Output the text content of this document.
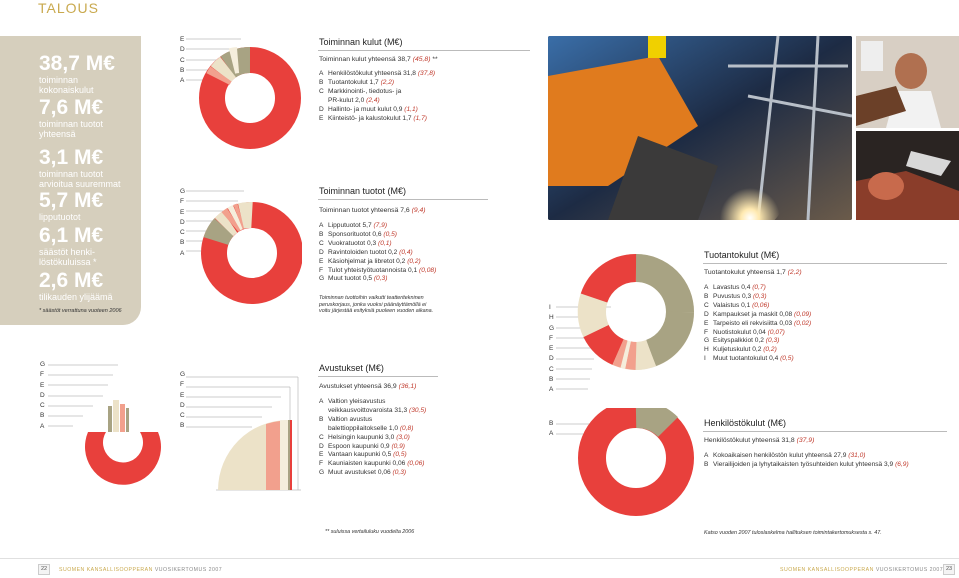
TALOUS
38,7 M€
toiminnan
kokonaiskulut
7,6 M€
toiminnan tuotot
yhteensä
3,1 M€
toiminnan tuotot
arvioitua suuremmat
5,7 M€
lipputuotot
6,1 M€
säästöt henki-
löstökuluissa *
2,6 M€
tilikauden ylijäämä
* säästöt verrattuna vuoteen 2006
G
F
E
D
C
B
A
E
D
C
B
A
Toiminnan kulut (M€)
Toiminnan kulut yhteensä 38,7 (45,8) **
A Henkilöstökulut yhteensä 31,8 (37,8)
B Tuotantokulut 1,7 (2,2)
C Markkinointi-, tiedotus- ja
PR-kulut 2,0 (2,4)
D Hallinto- ja muut kulut 0,9 (1,1)
E Kiinteistö- ja kalustokulut 1,7 (1,7)
G
F
E
D
C
B
A
Toiminnan tuotot (M€)
Toiminnan tuotot yhteensä 7,6 (9,4)
A Lipputuotot 5,7 (7,9)
B Sponsorituotot 0,6 (0,5)
C Vuokratuotot 0,3 (0,1)
D Ravintoloiden tuotot 0,2 (0,4)
E Käsiohjelmat ja libretot 0,2 (0,2)
F Tulot yhteistyötuotannoista 0,1 (0,08)
G Muut tuotot 0,5 (0,3)
Toiminnan tuottoihin vaikutti teatteritekninen
peruskorjaus, jonka vuoksi päänäyttämöllä ei
voitu järjestää esityksiä puoleen vuoden aikana.
G
F
E
D
C
B
Avustukset (M€)
Avustukset yhteensä 36,9 (36,1)
A Valtion yleisavustus
veikkausvoittovaroista 31,3 (30,5)
B Valtion avustus
balettioppilaitokselle 1,0 (0,8)
C Helsingin kaupunki 3,0 (3,0)
D Espoon kaupunki 0,9 (0,9)
E Vantaan kaupunki 0,5 (0,5)
F Kauniaisten kaupunki 0,06 (0,06)
G Muut avustukset 0,06 (0,3)
I
H
G
F
E
D
C
B
A
B
A
Tuotantokulut (M€)
Tuotantokulut yhteensä 1,7 (2,2)
A Lavastus 0,4 (0,7)
B Puvustus 0,3 (0,3)
C Valaistus 0,1 (0,06)
D Kampaukset ja maskit 0,08 (0,09)
E Tarpeisto eli rekvisiitta 0,03 (0,02)
F Nuotistokulut 0,04 (0,07)
G Esityspalkkiot 0,2 (0,3)
H Kuljetuskulut 0,2 (0,2)
I Muut tuotantokulut 0,4 (0,5)
Henkilöstökulut (M€)
Henkilöstökulut yhteensä 31,8 (37,9)
A Kokoaikaisen henkilöstön kulut yhteensä 27,9 (31,0)
B Vierailijoiden ja lyhytaikaisten työsuhteiden kulut yhteensä 3,9 (6,9)
** suluissa vertailuluku vuodelta 2006	Katso vuoden 2007 tuloslaskelma hallituksen toimintakertomuksesta s. 47.
22	SUOMEN KANSALLISOOPPERAN VUOSIKERTOMUS 2007	SUOMEN KANSALLISOOPPERAN VUOSIKERTOMUS 2007 23
